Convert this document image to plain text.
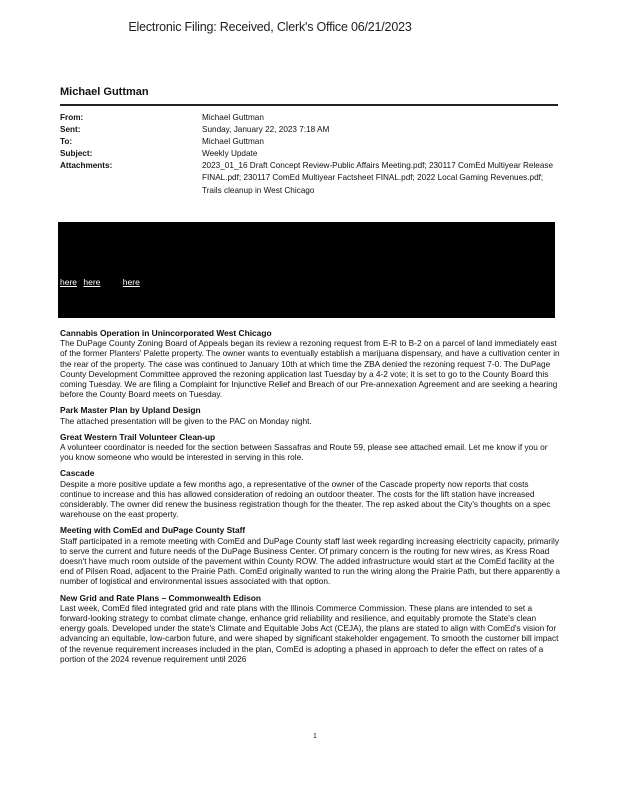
Electronic Filing: Received, Clerk's Office 06/21/2023
Michael Guttman
From:	Michael Guttman
Sent:	Sunday, January 22, 2023 7:18 AM
To:	Michael Guttman
Subject:	Weekly Update
Attachments:	2023_01_16 Draft Concept Review-Public Affairs Meeting.pdf; 230117 ComEd Multiyear Release FINAL.pdf; 230117 ComEd Multiyear Factsheet FINAL.pdf; 2022 Local Gaming Revenues.pdf; Trails cleanup in West Chicago
here here	here
Cannabis Operation in Unincorporated West Chicago

The DuPage County Zoning Board of Appeals began its review a rezoning request from E-R to B-2 on a parcel of land immediately east of the former Planters' Palette property. The owner wants to eventually establish a marijuana dispensary, and have a cultivation center in the rear of the property. The case was continued to January 10th at which time the ZBA denied the rezoning request 7-0. The DuPage County Development Committee approved the rezoning application last Tuesday by a 4-2 vote; it is set to go to the County Board this coming Tuesday. We are filing a Complaint for Injunctive Relief and Breach of our Pre-annexation Agreement and are seeking a hearing before the County Board meets on Tuesday.

Park Master Plan by Upland Design

The attached presentation will be given to the PAC on Monday night.

Great Western Trail Volunteer Clean-up

A volunteer coordinator is needed for the section between Sassafras and Route 59, please see attached email. Let me know if you or you know someone who would be interested in serving in this role.

Cascade

Despite a more positive update a few months ago, a representative of the owner of the Cascade property now reports that costs continue to increase and this has allowed consideration of redoing an outdoor theater. The costs for the lift station have increased considerably. The owner did renew the business registration though for the theater. The rep asked about the City's thoughts on a spec warehouse on the east property.

Meeting with ComEd and DuPage County Staff

Staff participated in a remote meeting with ComEd and DuPage County staff last week regarding increasing electricity capacity, primarily to serve the current and future needs of the DuPage Business Center. Of primary concern is the routing for new wires, as Kress Road doesn't have much room outside of the pavement within County ROW. The added infrastructure would start at the ComEd facility at the end of Pilsen Road, adjacent to the Prairie Path. ComEd originally wanted to run the wiring along the Prairie Path, but there apparently a number of logistical and environmental issues associated with that option.

New Grid and Rate Plans – Commonwealth Edison

Last week, ComEd filed integrated grid and rate plans with the Illinois Commerce Commission. These plans are intended to set a forward-looking strategy to combat climate change, enhance grid reliability and resilience, and equitably promote the State's clean energy goals. Developed under the state's Climate and Equitable Jobs Act (CEJA), the plans are stated to align with ComEd's vision for advancing an equitable, low-carbon future, and were shaped by significant stakeholder engagement. To smooth the customer bill impact of the revenue requirement increases included in the plan, ComEd is adopting a phased in approach to defer the effect on rates of a portion of the 2024 revenue requirement until 2026

1
